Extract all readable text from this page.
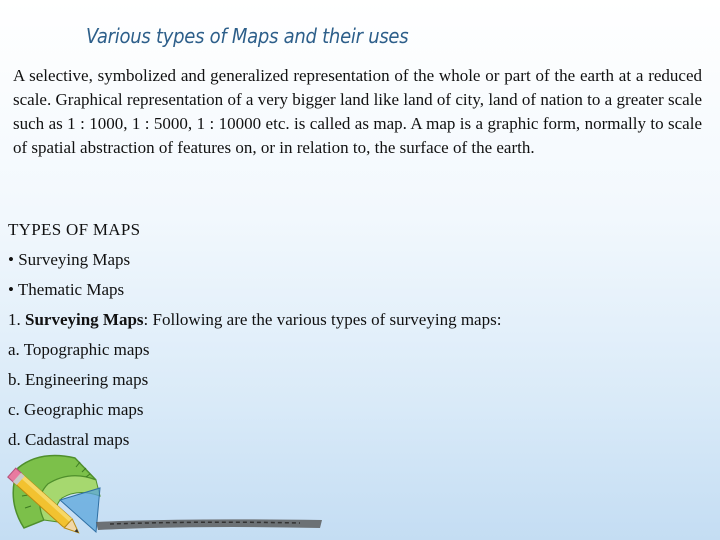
Various types of Maps and their uses

A selective, symbolized and generalized representation of the whole or part of the earth at a reduced scale. Graphical representation of a very bigger land like land of city, land of nation to a greater scale such as 1 : 1000, 1 : 5000, 1 : 10000 etc. is called as map. A map is a graphic form, normally to scale of spatial abstraction of features on, or in relation to, the surface of the earth.

TYPES OF MAPS
• Surveying Maps
• Thematic Maps
1. Surveying Maps: Following are the various types of surveying maps:
a. Topographic maps
b. Engineering maps
c. Geographic maps
d. Cadastral maps
